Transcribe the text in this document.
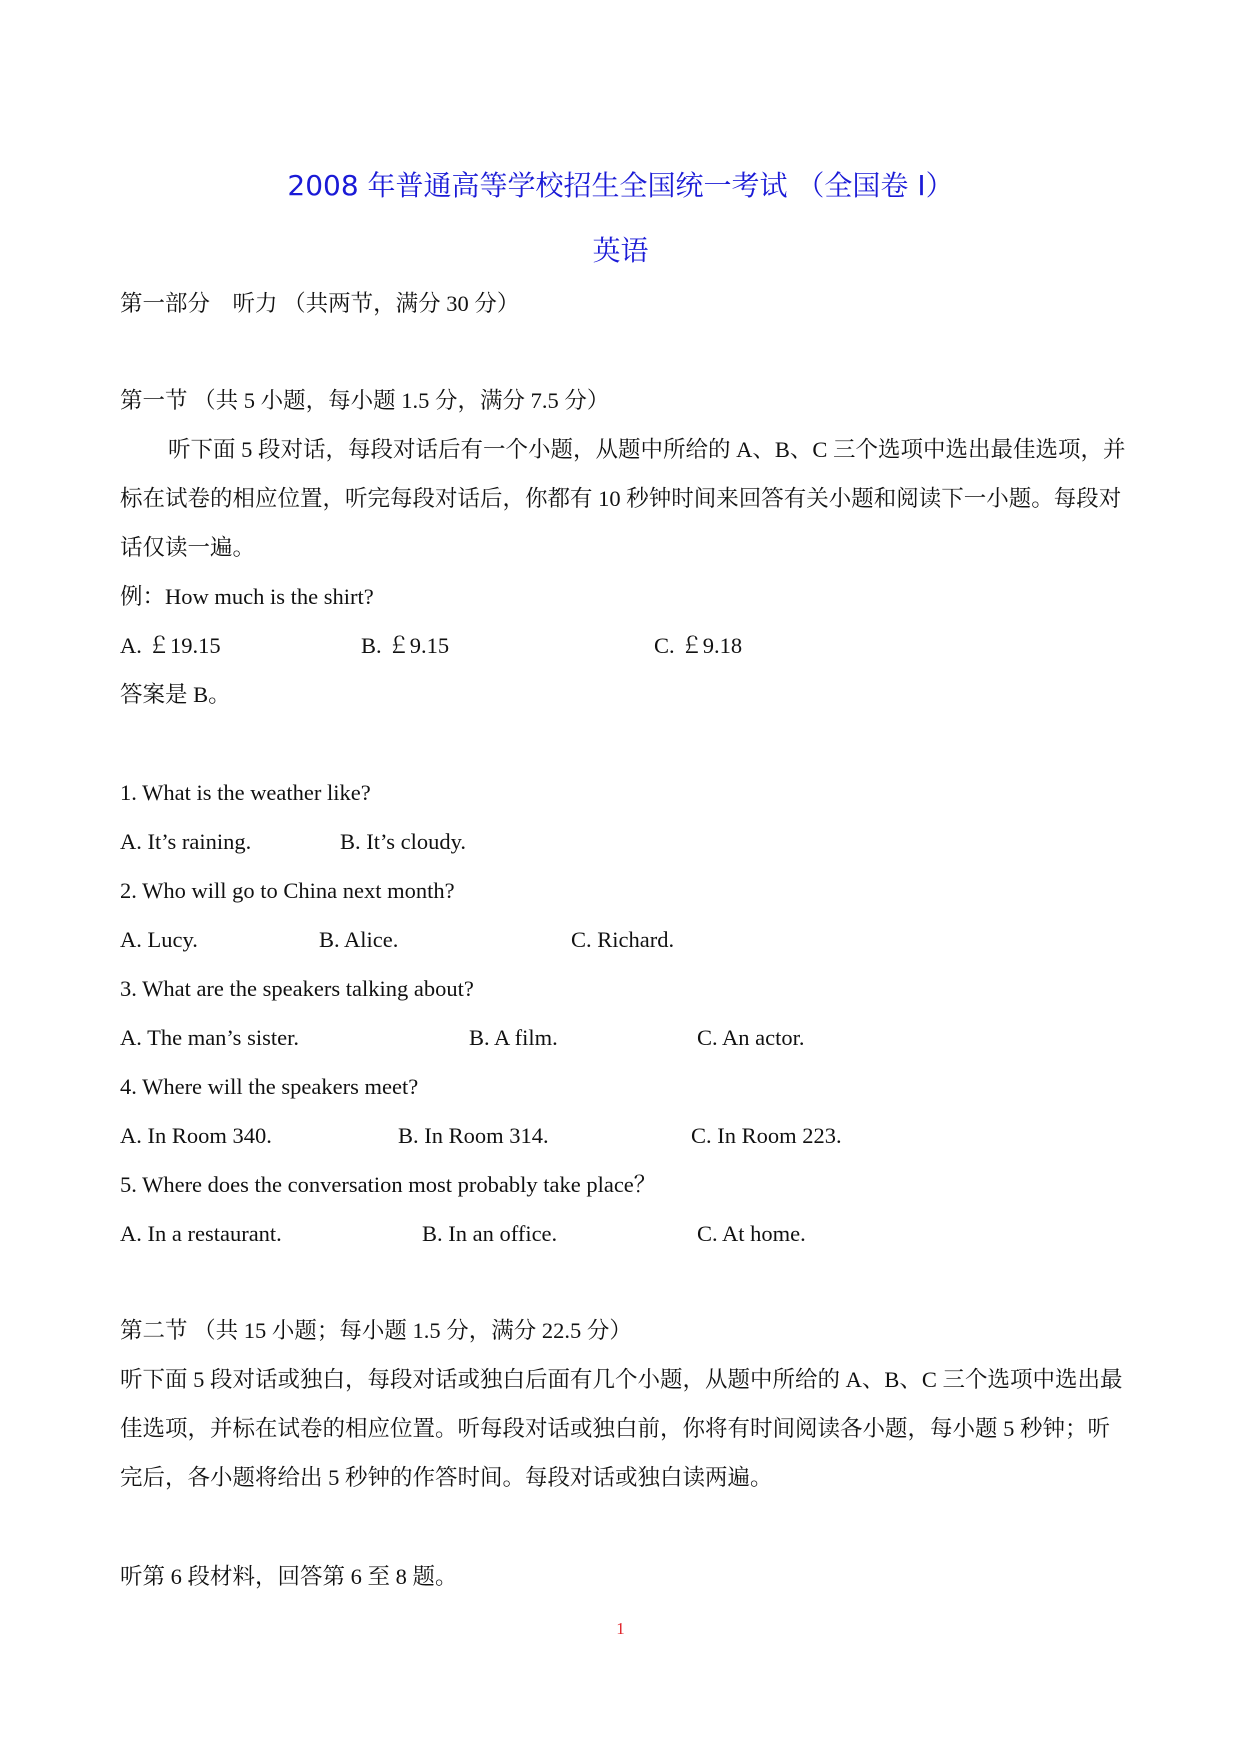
2008 年普通高等学校招生全国统一考试 （全国卷 I）
英语
第一部分　听力 （共两节，满分 30 分）
第一节 （共 5 小题，每小题 1.5 分，满分 7.5 分）
听下面 5 段对话，每段对话后有一个小题，从题中所给的 A、B、C 三个选项中选出最佳选项，并标在试卷的相应位置，听完每段对话后，你都有 10 秒钟时间来回答有关小题和阅读下一小题。每段对话仅读一遍。
例：How much is the shirt?
A. ￡19.15	B. ￡9.15	C. ￡9.18
答案是 B。
1. What is the weather like?
A. It’s raining.	B. It’s cloudy.
2. Who will go to China next month?
A. Lucy.	B. Alice.	C. Richard.
3. What are the speakers talking about?
A. The man’s sister.	B. A film.	C. An actor.
4. Where will the speakers meet?
A. In Room 340.	B. In Room 314.	C. In Room 223.
5. Where does the conversation most probably take place？
A. In a restaurant.	B. In an office.	C. At home.
第二节 （共 15 小题；每小题 1.5 分，满分 22.5 分）
听下面 5 段对话或独白，每段对话或独白后面有几个小题，从题中所给的 A、B、C 三个选项中选出最佳选项，并标在试卷的相应位置。听每段对话或独白前，你将有时间阅读各小题，每小题 5 秒钟；听完后，各小题将给出 5 秒钟的作答时间。每段对话或独白读两遍。
听第 6 段材料，回答第 6 至 8 题。
1
